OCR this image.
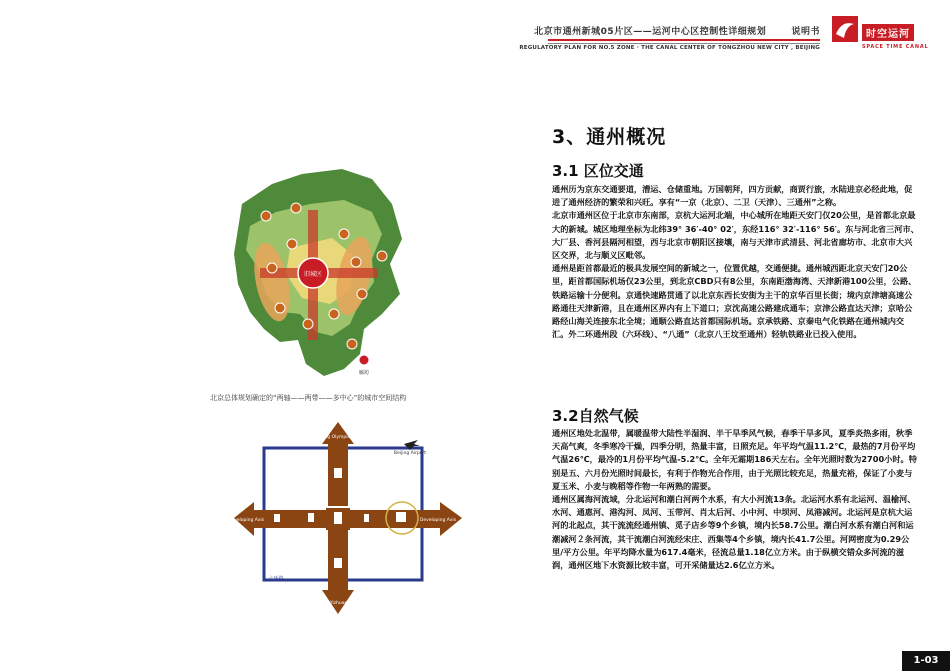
北京市通州新城05片区——运河中心区控制性详细规划	说明书
REGULATORY PLAN FOR NO.5 ZONE · THE CANAL CENTER OF TONGZHOU NEW CITY , BEIJING
时空运河
SPACE TIME CANAL
旧城区
廊坊
北京总体规划确定的“两轴——两带——多中心”的城市空间结构
Beijing Olympic Park
Beijing Yizhuang Town
Developing Axis	Developing Axis
六环路
Beijing Airport
3、通州概况
3.1 区位交通

通州历为京东交通要道，漕运、仓储重地。万国朝拜，四方贡献，商贾行旅，水陆进京必经此地，促进了通州经济的繁荣和兴旺。享有“一京（北京）、二卫（天津）、三通州”之称。

北京市通州区位于北京市东南部，京杭大运河北端，中心城所在地距天安门仅20公里，是首都北京最大的新城。城区地理坐标为北纬39° 36′-40° 02′，东经116° 32′-116° 56′。东与河北省三河市、大厂县、香河县隔河相望，西与北京市朝阳区接壤，南与天津市武清县、河北省廊坊市、北京市大兴区交界，北与顺义区毗邻。

通州是距首都最近的极具发展空间的新城之一，位置优越，交通便捷。通州城西距北京天安门20公里，距首都国际机场仅23公里，到北京CBD只有8公里，东南距渤海湾、天津新港100公里，公路、铁路运输十分便利。京通快速路贯通了以北京东西长安街为主干的京华百里长街；境内京津塘高速公路通往天津新港，且在通州区界内有上下道口；京沈高速公路建成通车；京津公路直达天津；京哈公路经山海关连接东北全境；通顺公路直达首都国际机场。京承铁路、京秦电气化铁路在通州城内交汇。外二环通州段（六环线）、“八通”（北京八王坟至通州）轻轨铁路业已投入使用。

3.2自然气候

通州区地处北温带，属暖温带大陆性半湿润、半干旱季风气候，春季干旱多风，夏季炎热多雨，秋季天高气爽，冬季寒冷干燥，四季分明，热量丰富，日照充足。年平均气温11.2℃，最热的7月份平均气温26℃，最冷的1月份平均气温-5.2℃。全年无霜期186天左右。全年光照时数为2700小时。特别是五、六月份光照时间最长，有利于作物光合作用，由于光照比较充足，热量充裕，保证了小麦与夏玉米、小麦与晚稻等作物一年两熟的需要。

通州区属海河流域，分北运河和潮白河两个水系，有大小河流13条。北运河水系有北运河、温榆河、水河、通惠河、港沟河、凤河、玉带河、肖太后河、小中河、中坝河、凤港减河。北运河是京杭大运河的北起点，其干流流经通州镇、觅子店乡等9个乡镇，境内长58.7公里。潮白河水系有潮白河和运潮减河２条河流，其干流潮白河流经宋庄、西集等4个乡镇，境内长41.7公里。河网密度为0.29公里/平方公里。年平均降水量为617.4毫米，径流总量1.18亿立方米。由于纵横交错众多河流的滋润，通州区地下水资源比较丰富，可开采储量达2.6亿立方米。

1-03
